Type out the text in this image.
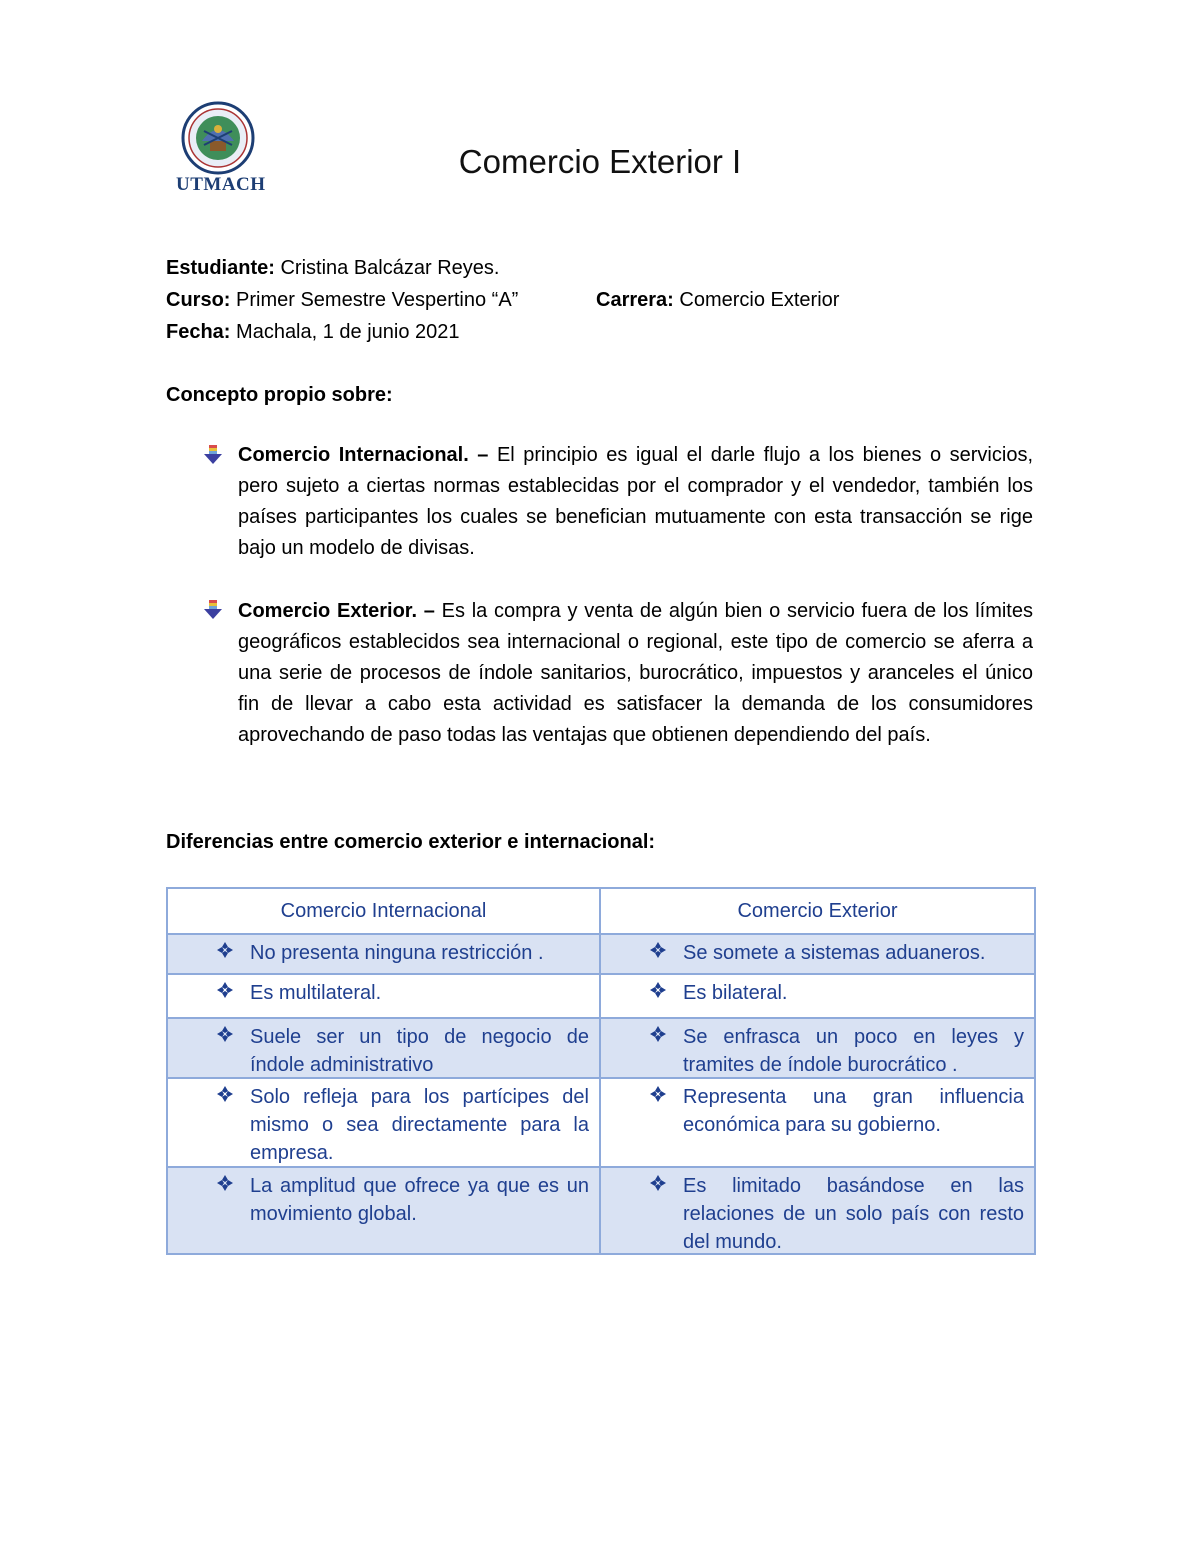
UTMACH
Comercio Exterior I
Estudiante: Cristina Balcázar Reyes.
Curso: Primer Semestre Vespertino “A”	Carrera: Comercio Exterior
Fecha: Machala, 1 de junio 2021
Concepto propio sobre:
Comercio Internacional. – El principio es igual el darle flujo a los bienes o servicios, pero sujeto a ciertas normas establecidas por el comprador y el vendedor, también los países participantes los cuales se benefician mutuamente con esta transacción se rige bajo un modelo de divisas.
Comercio Exterior. – Es la compra y venta de algún bien o servicio fuera de los límites geográficos establecidos sea internacional o regional, este tipo de comercio se aferra a una serie de procesos de índole sanitarios, burocrático, impuestos y aranceles el único fin de llevar a cabo esta actividad es satisfacer la demanda de los consumidores aprovechando de paso todas las ventajas que obtienen dependiendo del país.
Diferencias entre comercio exterior e internacional:
Comercio Internacional	Comercio Exterior

No presenta ninguna restricción .	Se somete a sistemas aduaneros.

Es multilateral.	Es bilateral.

Suele ser un tipo de negocio de índole administrativo	Se enfrasca un poco en leyes y tramites de índole burocrático .

Solo refleja para los partícipes del mismo o sea directamente para la empresa.	Representa una gran influencia económica para su gobierno.

La amplitud que ofrece ya que es un movimiento global.	Es limitado basándose en las relaciones de un solo país con resto del mundo.
